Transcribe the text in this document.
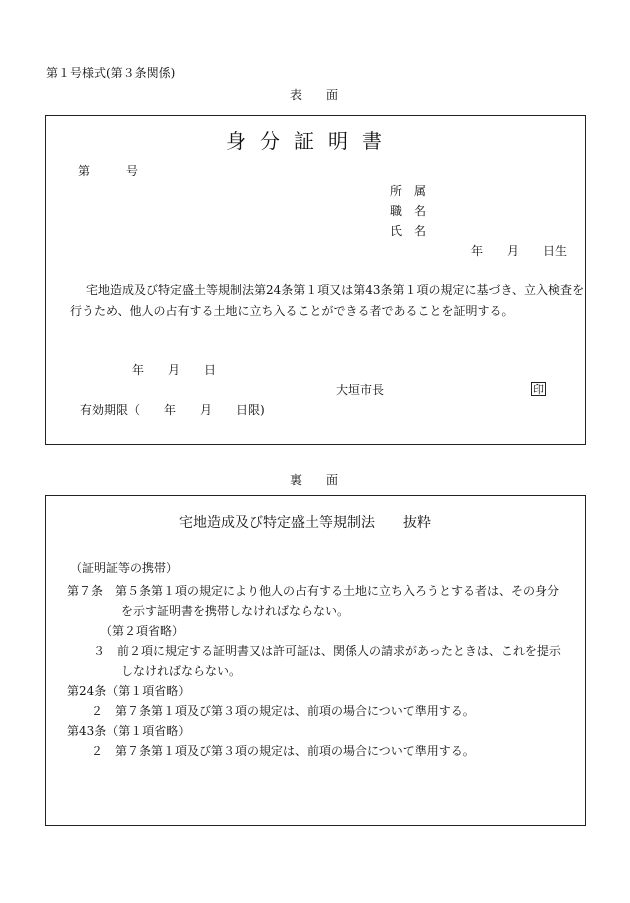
第１号様式(第３条関係)
表　　面
身分証明書
第　　　号
所　属
職　名
氏　名
年　　月　　日生
宅地造成及び特定盛土等規制法第24条第１項又は第43条第１項の規定に基づき、立入検査を
行うため、他人の占有する土地に立ち入ることができる者であることを証明する。
年　　月　　日
大垣市長	印
有効期限（　　年　　月　　日限)
裏　　面
宅地造成及び特定盛土等規制法　　抜粋
（証明証等の携帯）
第７条　第５条第１項の規定により他人の占有する土地に立ち入ろうとする者は、その身分
を示す証明書を携帯しなければならない。
（第２項省略）
３　前２項に規定する証明書又は許可証は、関係人の請求があったときは、これを提示
しなければならない。
第24条（第１項省略）
２　第７条第１項及び第３項の規定は、前項の場合について準用する。
第43条（第１項省略）
２　第７条第１項及び第３項の規定は、前項の場合について準用する。
